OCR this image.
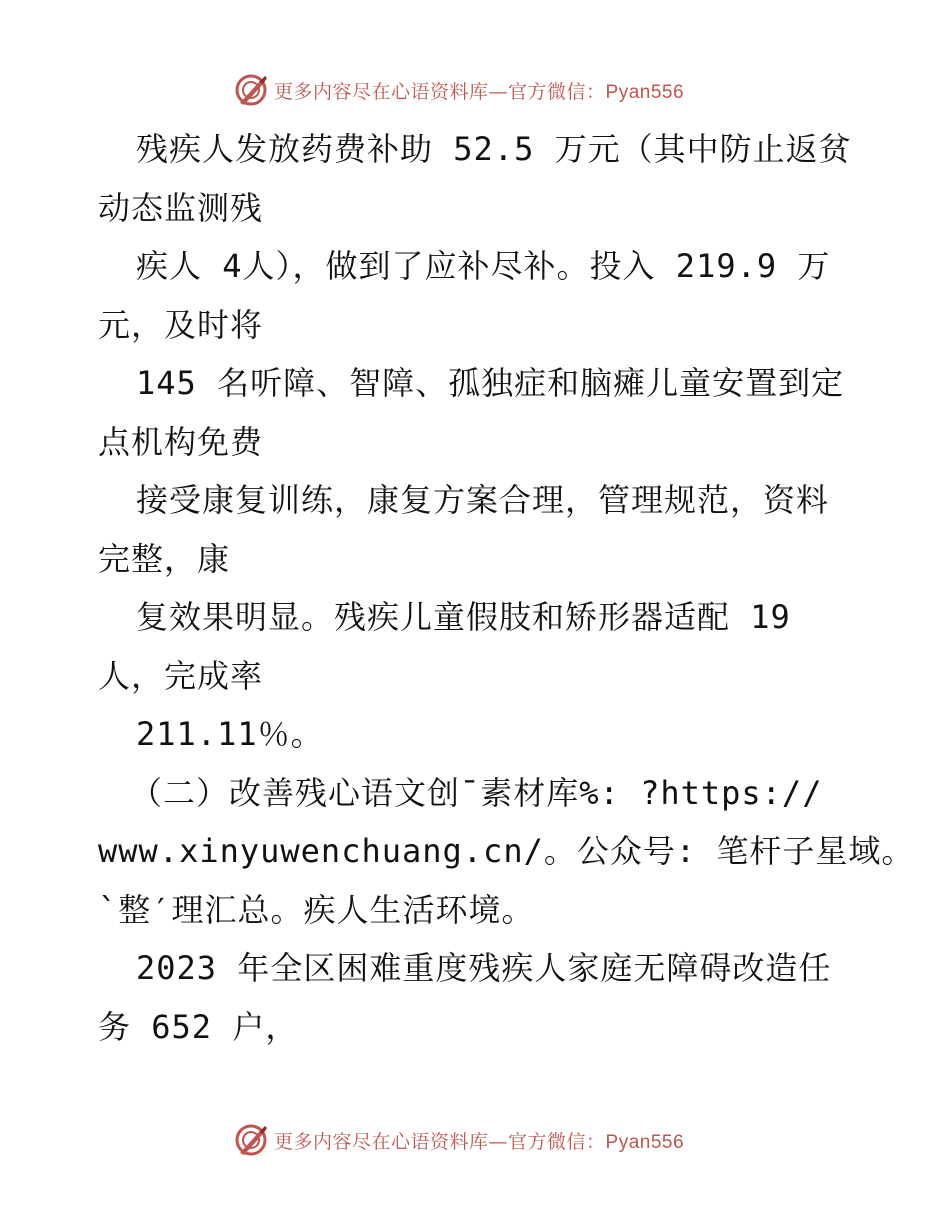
更多内容尽在心语资料库—官方微信：Pyan556
残疾人发放药费补助 52.5 万元（其中防止返贫
动态监测残
疾人 4人），做到了应补尽补。投入 219.9 万
元，及时将
145 名听障、智障、孤独症和脑瘫儿童安置到定
点机构免费
接受康复训练，康复方案合理，管理规范，资料
完整，康
复效果明显。残疾儿童假肢和矫形器适配 19
人，完成率
211.11％。
（二）改善残心语文创¯素材库%: ?https://
www.xinyuwenchuang.cn/。公众号: 笔杆子星域。
`整′理汇总。疾人生活环境。
2023 年全区困难重度残疾人家庭无障碍改造任
务 652 户，
更多内容尽在心语资料库—官方微信：Pyan556
